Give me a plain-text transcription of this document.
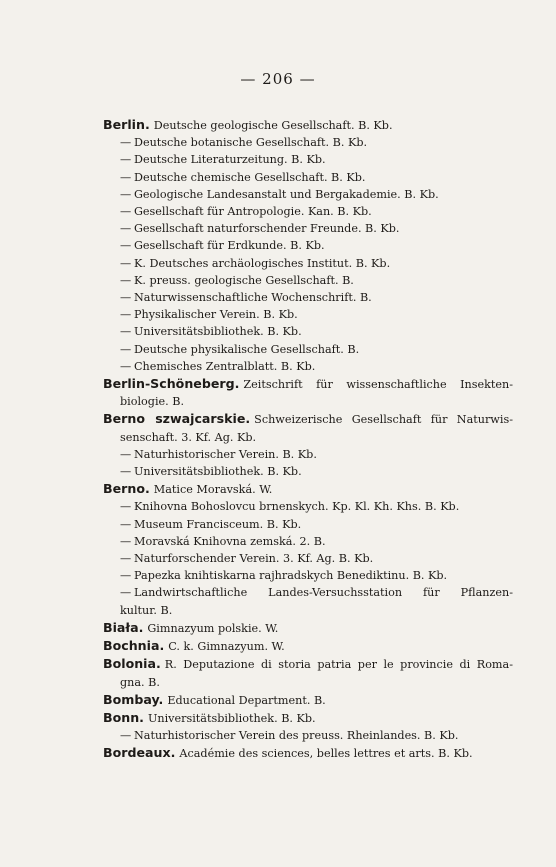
— 206 —
Berlin. Deutsche geologische Gesellschaft. B. Kb.
— Deutsche botanische Gesellschaft. B. Kb.
— Deutsche Literaturzeitung. B. Kb.
— Deutsche chemische Gesellschaft. B. Kb.
— Geologische Landesanstalt und Bergakademie. B. Kb.
— Gesellschaft für Antropologie. Kan. B. Kb.
— Gesellschaft naturforschender Freunde. B. Kb.
— Gesellschaft für Erdkunde. B. Kb.
— K. Deutsches archäologisches Institut. B. Kb.
— K. preuss. geologische Gesellschaft. B.
— Naturwissenschaftliche Wochenschrift. B.
— Physikalischer Verein. B. Kb.
— Universitätsbibliothek. B. Kb.
— Deutsche physikalische Gesellschaft. B.
— Chemisches Zentralblatt. B. Kb.
Berlin-Schöneberg. Zeitschrift für wissenschaftliche Insekten-
biologie. B.
Berno szwajcarskie. Schweizerische Gesellschaft für Naturwis-
senschaft. 3. Kf. Ag. Kb.
— Naturhistorischer Verein. B. Kb.
— Universitätsbibliothek. B. Kb.
Berno. Matice Moravská. W.
— Knihovna Bohoslovcu brnenskych. Kp. Kl. Kh. Khs. B. Kb.
— Museum Francisceum. B. Kb.
— Moravská Knihovna zemská. 2. B.
— Naturforschender Verein. 3. Kf. Ag. B. Kb.
— Papezka knihtiskarna rajhradskych Benediktinu. B. Kb.
— Landwirtschaftliche Landes-Versuchsstation für Pflanzen-
kultur. B.
Biała. Gimnazyum polskie. W.
Bochnia. C. k. Gimnazyum. W.
Bolonia. R. Deputazione di storia patria per le provincie di Roma-
gna. B.
Bombay. Educational Department. B.
Bonn. Universitätsbibliothek. B. Kb.
— Naturhistorischer Verein des preuss. Rheinlandes. B. Kb.
Bordeaux. Académie des sciences, belles lettres et arts. B. Kb.
